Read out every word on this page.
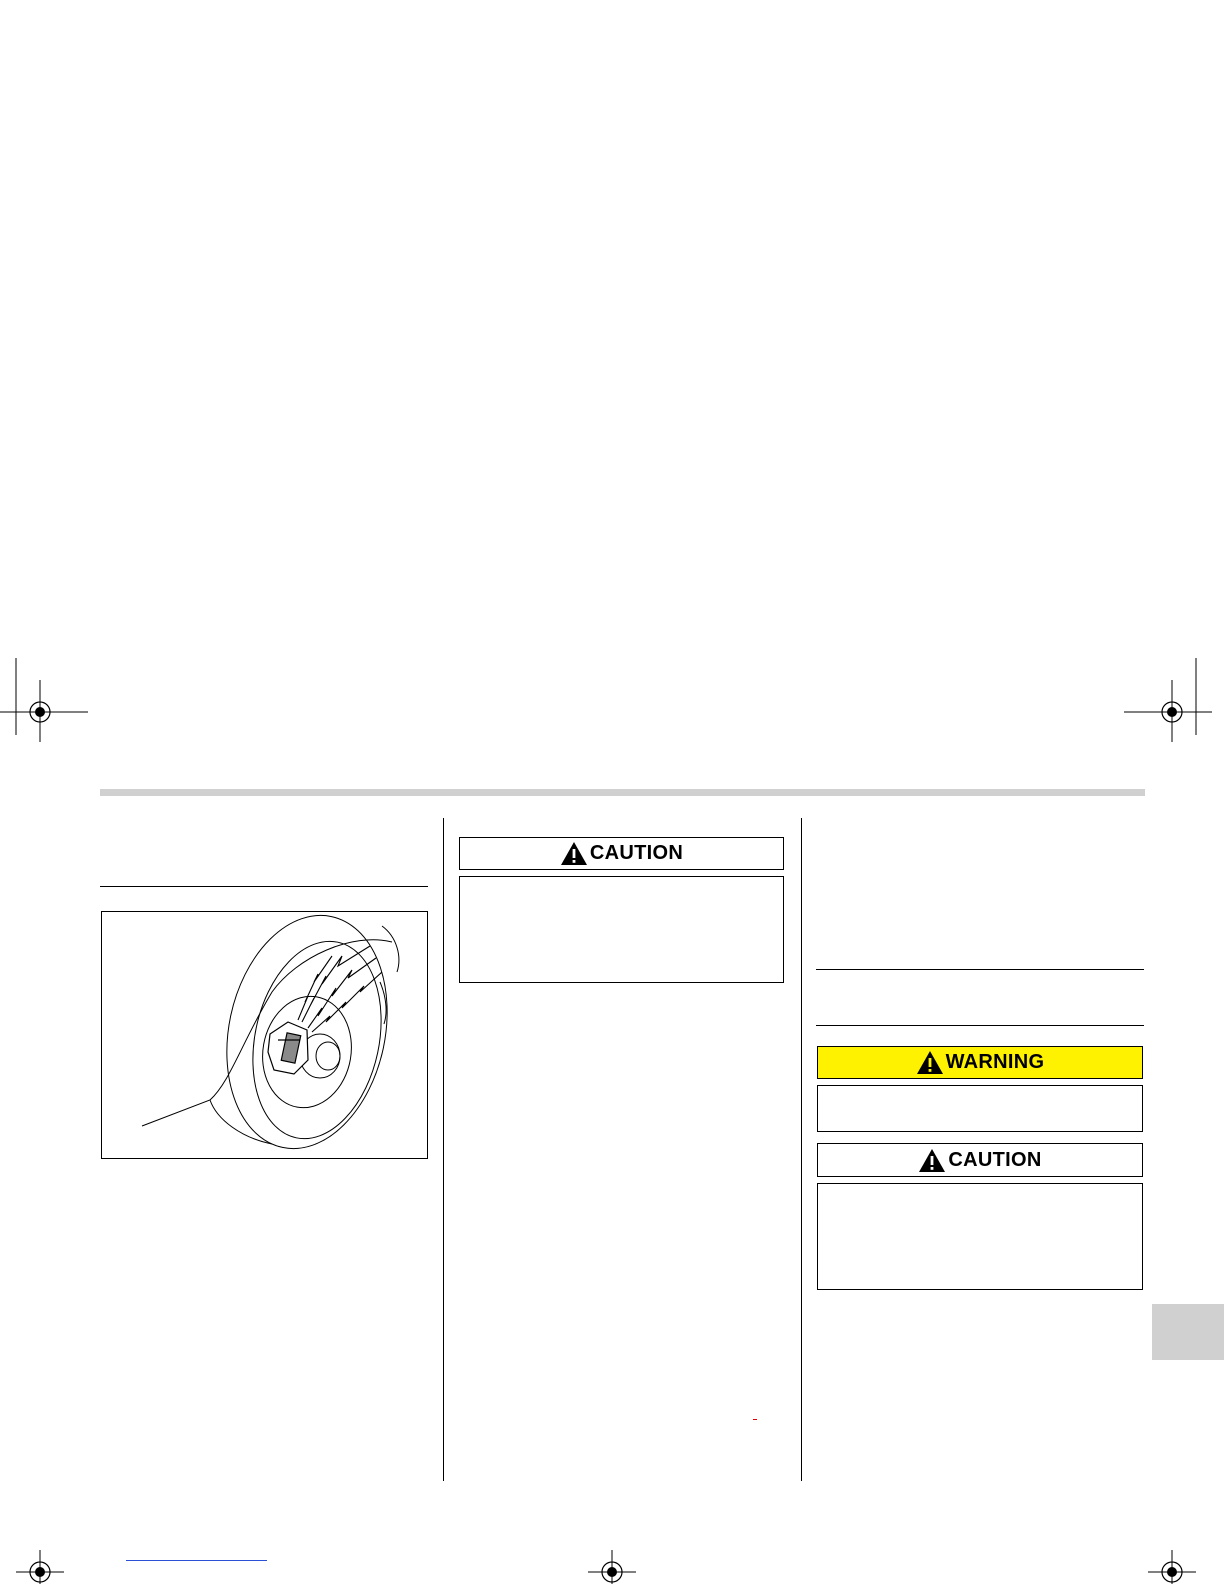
CAUTION
WARNING
CAUTION
